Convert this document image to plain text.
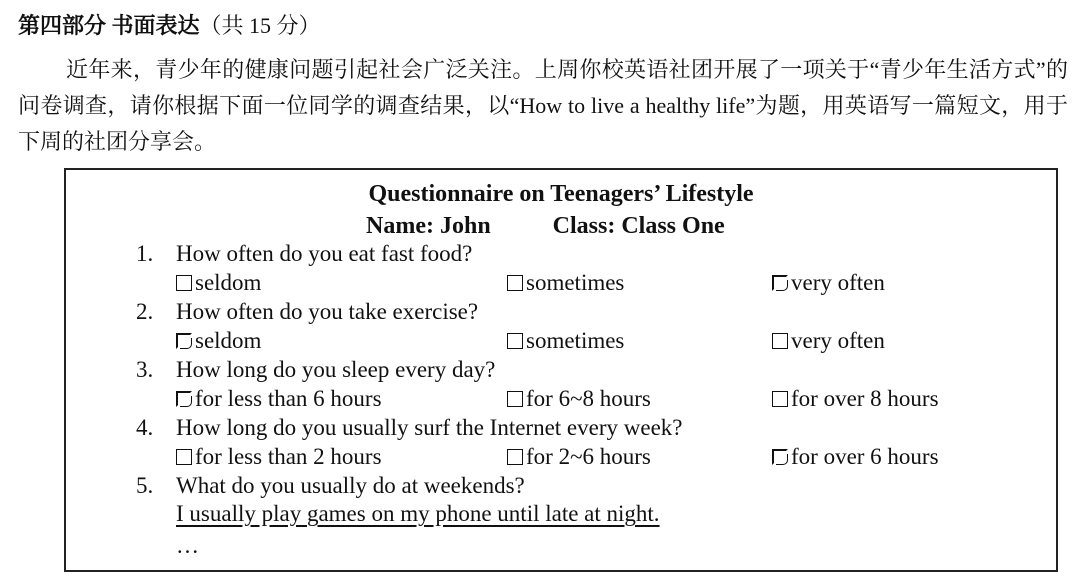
第四部分 书面表达（共 15 分）
近年来，青少年的健康问题引起社会广泛关注。上周你校英语社团开展了一项关于“青少年生活方式”的问卷调查，请你根据下面一位同学的调查结果，以“How to live a healthy life”为题，用英语写一篇短文，用于下周的社团分享会。
Questionnaire on Teenagers’ Lifestyle
Name: John	Class: Class One
1. How often do you eat fast food?
seldom	sometimes	very often
2. How often do you take exercise?
seldom	sometimes	very often
3. How long do you sleep every day?
for less than 6 hours	for 6~8 hours	for over 8 hours
4. How long do you usually surf the Internet every week?
for less than 2 hours	for 2~6 hours	for over 6 hours
5. What do you usually do at weekends?
I usually play games on my phone until late at night.
…
